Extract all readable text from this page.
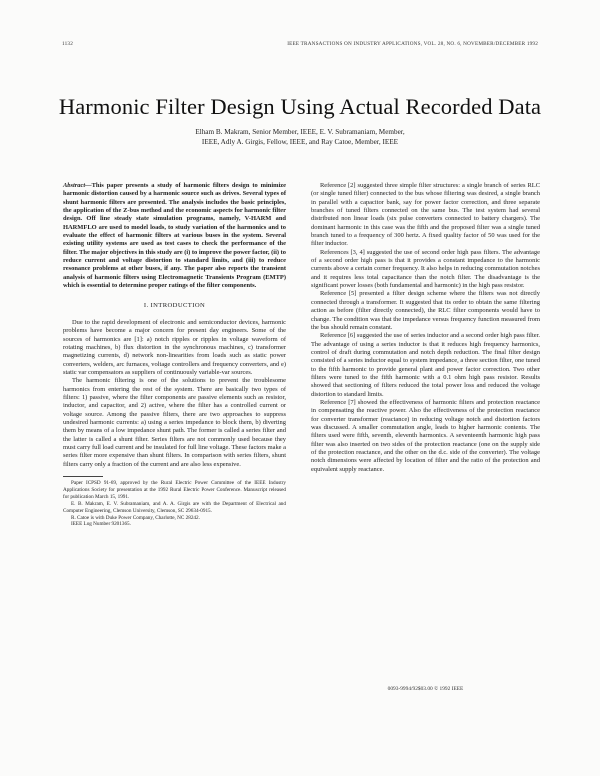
1132	IEEE TRANSACTIONS ON INDUSTRY APPLICATIONS, VOL. 28, NO. 6, NOVEMBER/DECEMBER 1992
Harmonic Filter Design Using Actual Recorded Data
Elham B. Makram, Senior Member, IEEE, E. V. Subramaniam, Member,
IEEE, Adly A. Girgis, Fellow, IEEE, and Ray Catoe, Member, IEEE

Abstract—This paper presents a study of harmonic filters design to minimize harmonic distortion caused by a harmonic source such as drives. Several types of shunt harmonic filters are presented. The analysis includes the basic principles, the application of the Z-bus method and the economic aspects for harmonic filter design. Off line steady state simulation programs, namely, V-HARM and HARMFLO are used to model loads, to study variation of the harmonics and to evaluate the effect of harmonic filters at various buses in the system. Several existing utility systems are used as test cases to check the performance of the filter. The major objectives in this study are (i) to improve the power factor, (ii) to reduce current and voltage distortion to standard limits, and (iii) to reduce resonance problems at other buses, if any. The paper also reports the transient analysis of harmonic filters using Electromagnetic Transients Program (EMTP) which is essential to determine proper ratings of the filter components.

I. INTRODUCTION

Due to the rapid development of electronic and semiconductor devices, harmonic problems have become a major concern for present day engineers. Some of the sources of harmonics are [1]: a) notch ripples or ripples in voltage waveform of rotating machines, b) flux distortion in the synchronous machines, c) transformer magnetizing currents, d) network non-linearities from loads such as static power converters, welders, arc furnaces, voltage controllers and frequency converters, and e) static var compensators as suppliers of continuously variable-var sources.

The harmonic filtering is one of the solutions to prevent the troublesome harmonics from entering the rest of the system. There are basically two types of filters: 1) passive, where the filter components are passive elements such as resistor, inductor, and capacitor, and 2) active, where the filter has a controlled current or voltage source. Among the passive filters, there are two approaches to suppress undesired harmonic currents: a) using a series impedance to block them, b) diverting them by means of a low impedance shunt path. The former is called a series filter and the latter is called a shunt filter. Series filters are not commonly used because they must carry full load current and be insulated for full line voltage. These factors make a series filter more expensive than shunt filters. In comparison with series filters, shunt filters carry only a fraction of the current and are also less expensive.

Paper ICPSD 91-69, approved by the Rural Electric Power Committee of the IEEE Industry Applications Society for presentation at the 1992 Rural Electric Power Conference. Manuscript released for publication March 15, 1991.

E. B. Makram, E. V. Subramaniam, and A. A. Girgis are with the Department of Electrical and Computer Engineering, Clemson University, Clemson, SC 29634-0915.

R. Catoe is with Duke Power Company, Charlotte, NC 28242.

IEEE Log Number 9201365.

Reference [2] suggested three simple filter structures: a single branch of series RLC (or single tuned filter) connected to the bus whose filtering was desired, a single branch in parallel with a capacitor bank, say for power factor correction, and three separate branches of tuned filters connected on the same bus. The test system had several distributed non linear loads (six pulse converters connected to battery chargers). The dominant harmonic in this case was the fifth and the proposed filter was a single tuned branch tuned to a frequency of 300 hertz. A fixed quality factor of 50 was used for the filter inductor.

References [3, 4] suggested the use of second order high pass filters. The advantage of a second order high pass is that it provides a constant impedance to the harmonic currents above a certain corner frequency. It also helps in reducing commutation notches and it requires less total capacitance than the notch filter. The disadvantage is the significant power losses (both fundamental and harmonic) in the high pass resistor.

Reference [5] presented a filter design scheme where the filters was not directly connected through a transformer. It suggested that its order to obtain the same filtering action as before (filter directly connected), the RLC filter components would have to change. The condition was that the impedance versus frequency function measured from the bus should remain constant.

Reference [6] suggested the use of series inductor and a second order high pass filter. The advantage of using a series inductor is that it reduces high frequency harmonics, control of draft during commutation and notch depth reduction. The final filter design consisted of a series inductor equal to system impedance, a three section filter, one tuned to the fifth harmonic to provide general plant and power factor correction. Two other filters were tuned to the fifth harmonic with a 0.1 ohm high pass resistor. Results showed that sectioning of filters reduced the total power loss and reduced the voltage distortion to standard limits.

Reference [7] showed the effectiveness of harmonic filters and protection reactance in compensating the reactive power. Also the effectiveness of the protection reactance for converter transformer (reactance) in reducing voltage notch and distortion factors was discussed. A smaller commutation angle, leads to higher harmonic contents. The filters used were fifth, seventh, eleventh harmonics. A seventeenth harmonic high pass filter was also inserted on two sides of the protection reactance (one on the supply side of the protection reactance, and the other on the d.c. side of the converter). The voltage notch dimensions were affected by location of filter and the ratio of the protection and equivalent supply reactance.

0093-9994/92$03.00 © 1992 IEEE
